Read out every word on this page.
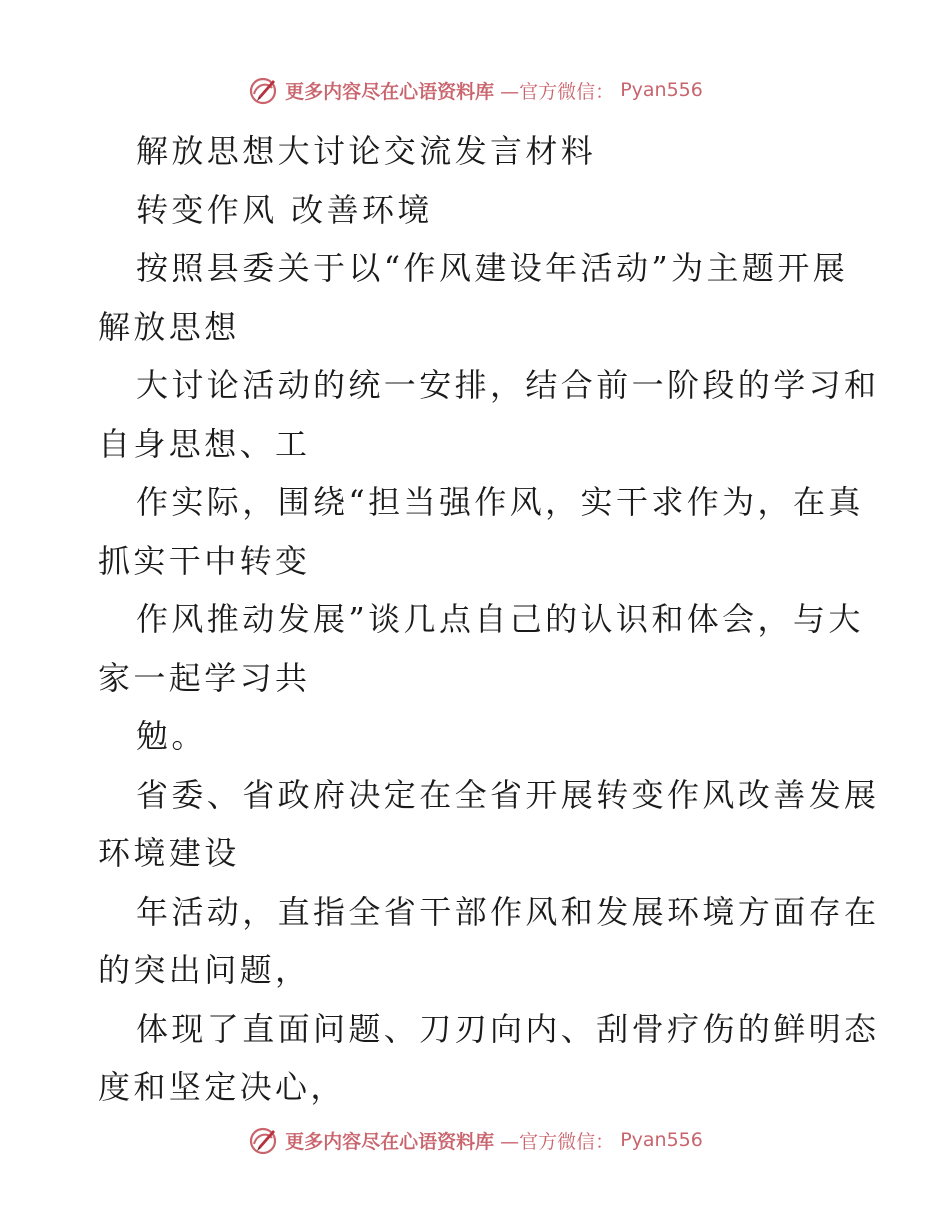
更多内容尽在心语资料库 —官方微信： Pyan556
解放思想大讨论交流发言材料
转变作风 改善环境
按照县委关于以“作风建设年活动”为主题开展
解放思想
大讨论活动的统一安排，结合前一阶段的学习和
自身思想、工
作实际，围绕“担当强作风，实干求作为，在真
抓实干中转变
作风推动发展”谈几点自己的认识和体会，与大
家一起学习共
勉。
省委、省政府决定在全省开展转变作风改善发展
环境建设
年活动，直指全省干部作风和发展环境方面存在
的突出问题，
体现了直面问题、刀刃向内、刮骨疗伤的鲜明态
度和坚定决心，
更多内容尽在心语资料库 —官方微信： Pyan556
